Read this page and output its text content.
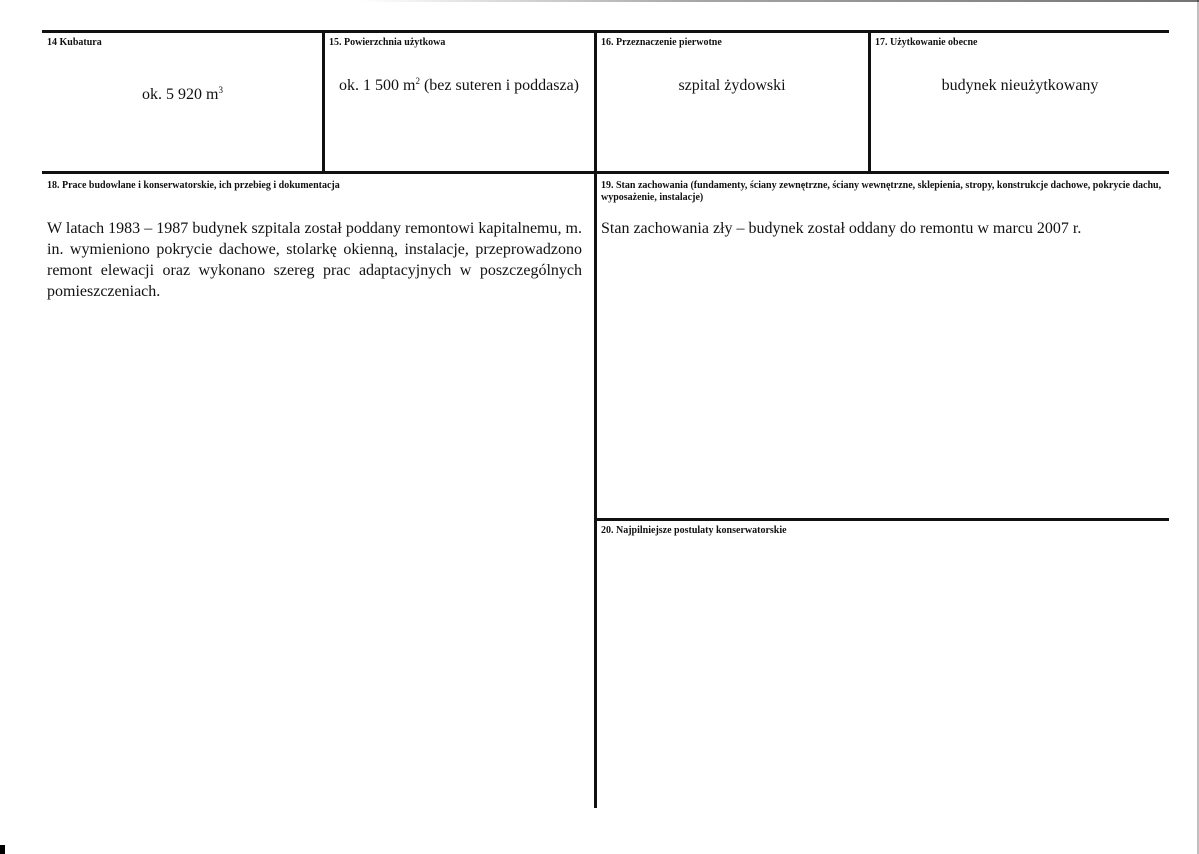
14 Kubatura
ok. 5 920 $m^3$
15. Powierzchnia użytkowa
ok. 1 500 $m^2$ (bez suteren i poddasza)
16. Przeznaczenie pierwotne
szpital żydowski
17. Użytkowanie obecne
budynek nieużytkowany
18. Prace budowlane i konserwatorskie, ich przebieg i dokumentacja
W latach 1983 – 1987 budynek szpitala został poddany remontowi kapitalnemu, m. in. wymieniono pokrycie dachowe, stolarkę okienną, instalacje, przeprowadzono remont elewacji oraz wykonano szereg prac adaptacyjnych w poszczególnych pomieszczeniach.
19. Stan zachowania (fundamenty, ściany zewnętrzne, ściany wewnętrzne, sklepienia, stropy, konstrukcje dachowe, pokrycie dachu, wyposażenie, instalacje)
Stan zachowania zły – budynek został oddany do remontu w marcu 2007 r.
20. Najpilniejsze postulaty konserwatorskie
